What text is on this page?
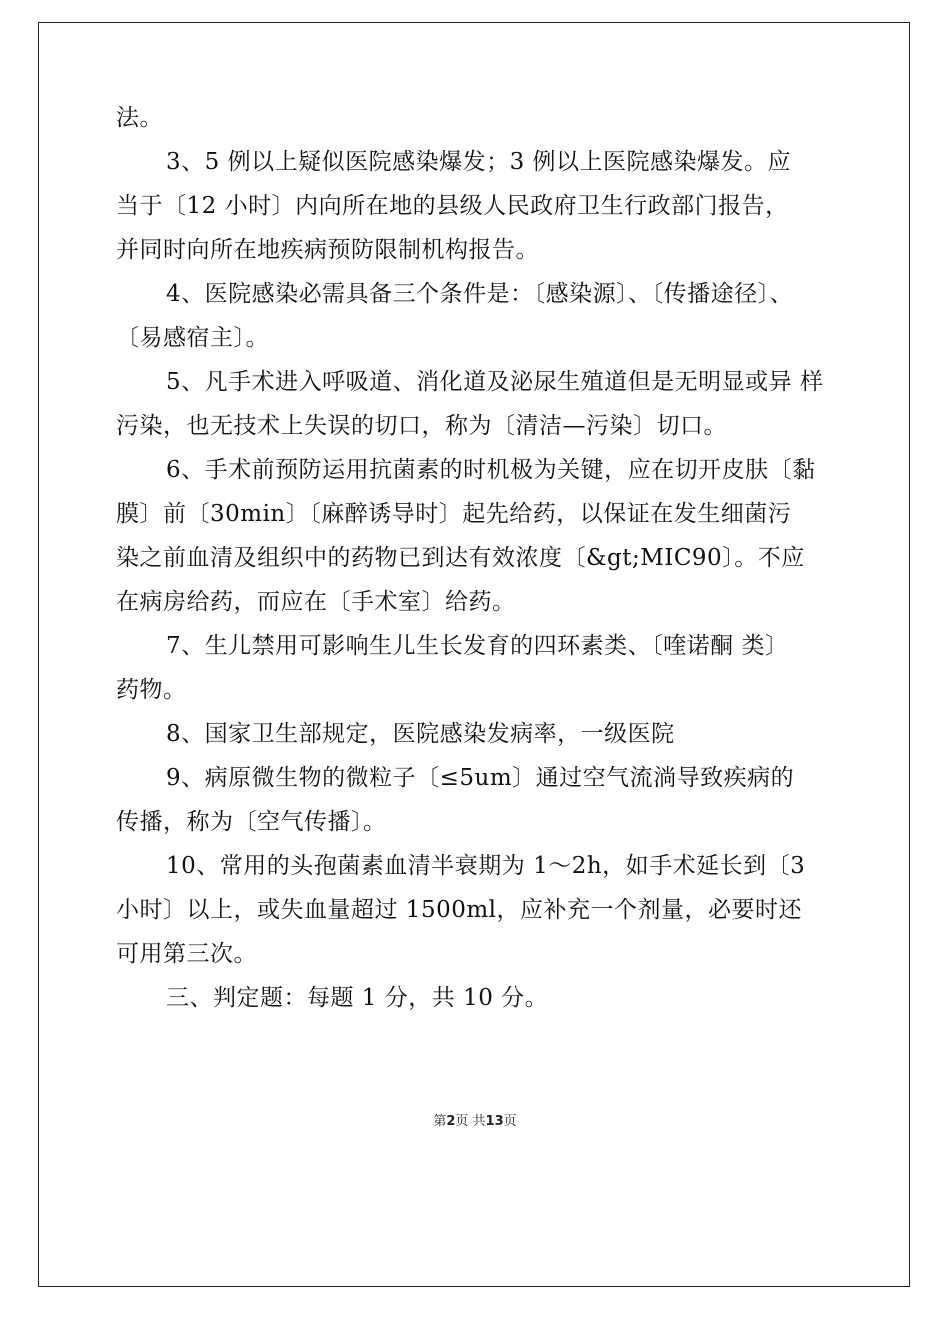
法。
3、5 例以上疑似医院感染爆发；3 例以上医院感染爆发。应
当于〔12 小时〕内向所在地的县级人民政府卫生行政部门报告，
并同时向所在地疾病预防限制机构报告。
4、医院感染必需具备三个条件是：〔感染源〕、〔传播途径〕、
〔易感宿主〕。
5、凡手术进入呼吸道、消化道及泌尿生殖道但是无明显或异 样
污染，也无技术上失误的切口，称为〔清洁—污染〕切口。
6、手术前预防运用抗菌素的时机极为关键，应在切开皮肤〔黏
膜〕前〔30min〕〔麻醉诱导时〕起先给药，以保证在发生细菌污
染之前血清及组织中的药物已到达有效浓度〔&gt;MIC90〕。不应
在病房给药，而应在〔手术室〕给药。
7、生儿禁用可影响生儿生长发育的四环素类、〔喹诺酮 类〕
药物。
8、国家卫生部规定，医院感染发病率，一级医院
9、病原微生物的微粒子〔≤5um〕通过空气流淌导致疾病的
传播，称为〔空气传播〕。
10、常用的头孢菌素血清半衰期为 1～2h，如手术延长到〔3
小时〕以上，或失血量超过 1500ml，应补充一个剂量，必要时还
可用第三次。
三、判定题：每题 1 分，共 10 分。
第2页 共13页
